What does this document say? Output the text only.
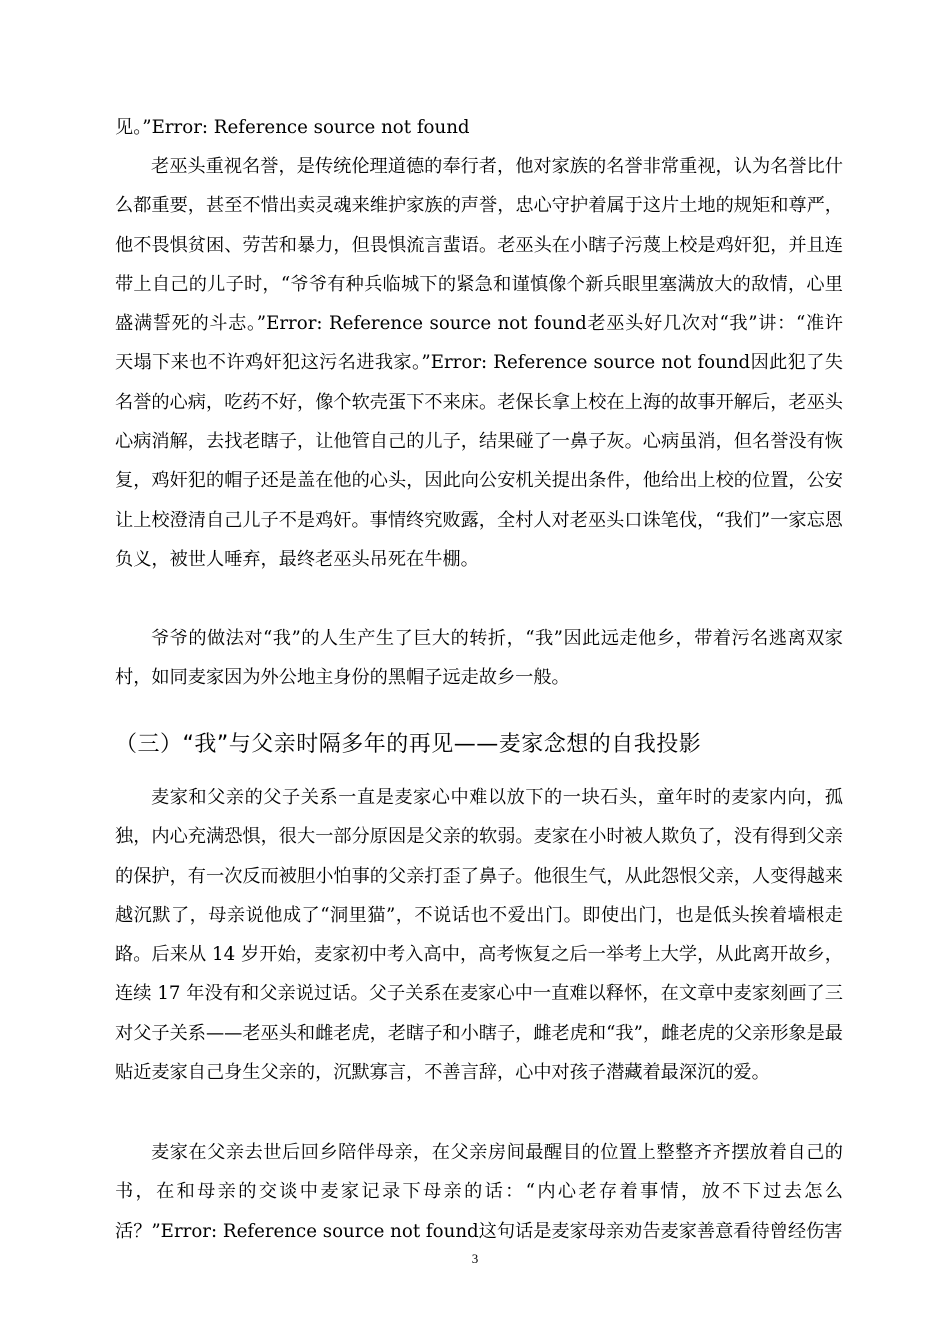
见。”Error: Reference source not found

老巫头重视名誉，是传统伦理道德的奉行者，他对家族的名誉非常重视，认为名誉比什么都重要，甚至不惜出卖灵魂来维护家族的声誉，忠心守护着属于这片土地的规矩和尊严，他不畏惧贫困、劳苦和暴力，但畏惧流言蜚语。老巫头在小瞎子污蔑上校是鸡奸犯，并且连带上自己的儿子时，“爷爷有种兵临城下的紧急和谨慎像个新兵眼里塞满放大的敌情，心里盛满誓死的斗志。”Error: Reference source not found老巫头好几次对“我”讲：“准许天塌下来也不许鸡奸犯这污名进我家。”Error: Reference source not found因此犯了失名誉的心病，吃药不好，像个软壳蛋下不来床。老保长拿上校在上海的故事开解后，老巫头心病消解，去找老瞎子，让他管自己的儿子，结果碰了一鼻子灰。心病虽消，但名誉没有恢复，鸡奸犯的帽子还是盖在他的心头，因此向公安机关提出条件，他给出上校的位置，公安让上校澄清自己儿子不是鸡奸。事情终究败露，全村人对老巫头口诛笔伐，“我们”一家忘恩负义，被世人唾弃，最终老巫头吊死在牛棚。

爷爷的做法对“我”的人生产生了巨大的转折，“我”因此远走他乡，带着污名逃离双家村，如同麦家因为外公地主身份的黑帽子远走故乡一般。

（三）“我”与父亲时隔多年的再见——麦家念想的自我投影

麦家和父亲的父子关系一直是麦家心中难以放下的一块石头，童年时的麦家内向，孤独，内心充满恐惧，很大一部分原因是父亲的软弱。麦家在小时被人欺负了，没有得到父亲的保护，有一次反而被胆小怕事的父亲打歪了鼻子。他很生气，从此怨恨父亲，人变得越来越沉默了，母亲说他成了“洞里猫”，不说话也不爱出门。即使出门，也是低头挨着墙根走路。后来从 14 岁开始，麦家初中考入高中，高考恢复之后一举考上大学，从此离开故乡，连续 17 年没有和父亲说过话。父子关系在麦家心中一直难以释怀，在文章中麦家刻画了三对父子关系——老巫头和雌老虎，老瞎子和小瞎子，雌老虎和“我”，雌老虎的父亲形象是最贴近麦家自己身生父亲的，沉默寡言，不善言辞，心中对孩子潜藏着最深沉的爱。

麦家在父亲去世后回乡陪伴母亲，在父亲房间最醒目的位置上整整齐齐摆放着自己的书，在和母亲的交谈中麦家记录下母亲的话：“内心老存着事情，放不下过去怎么活？”Error: Reference source not found这句话是麦家母亲劝告麦家善意看待曾经伤害

3
